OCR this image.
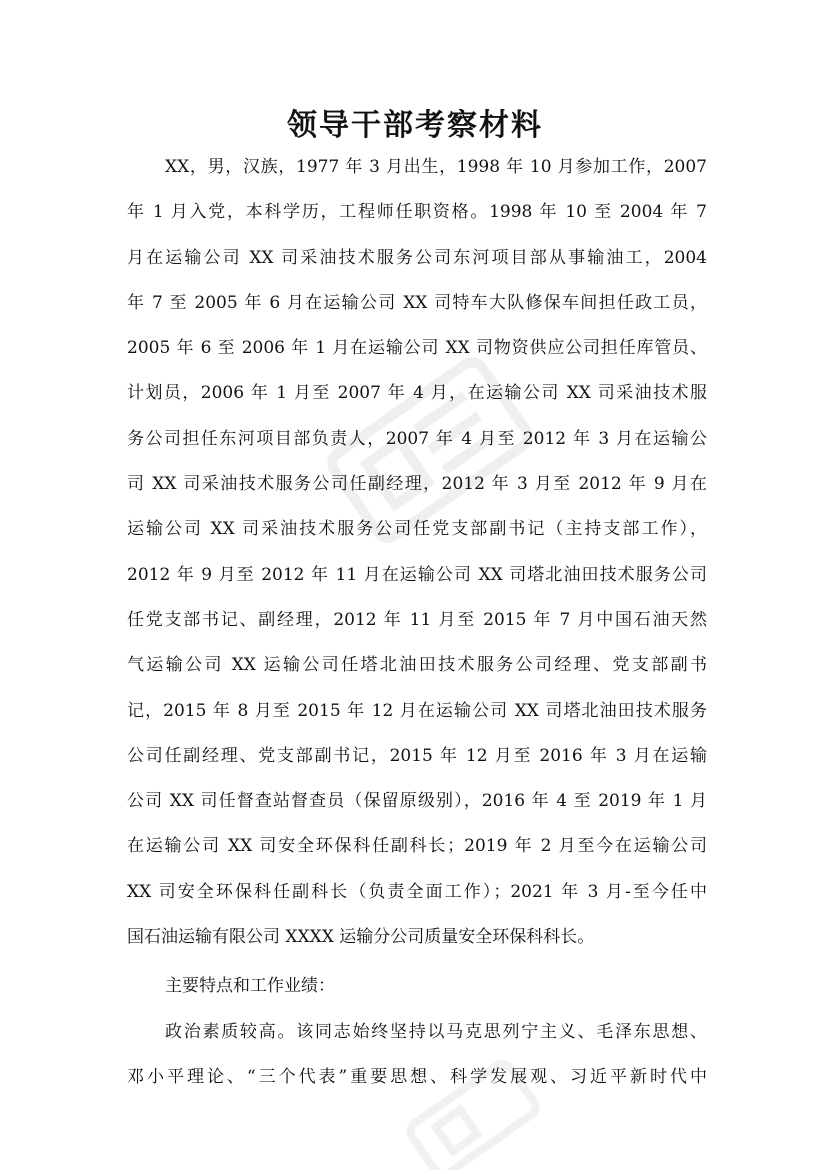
领导干部考察材料
XX，男，汉族，1977 年 3 月出生，1998 年 10 月参加工作，2007
年 1 月入党，本科学历，工程师任职资格。1998 年 10 至 2004 年 7
月在运输公司 XX 司采油技术服务公司东河项目部从事输油工，2004
年 7 至 2005 年 6 月在运输公司 XX 司特车大队修保车间担任政工员，
2005 年 6 至 2006 年 1 月在运输公司 XX 司物资供应公司担任库管员、
计划员，2006 年 1 月至 2007 年 4 月，在运输公司 XX 司采油技术服
务公司担任东河项目部负责人，2007 年 4 月至 2012 年 3 月在运输公
司 XX 司采油技术服务公司任副经理，2012 年 3 月至 2012 年 9 月在
运输公司 XX 司采油技术服务公司任党支部副书记（主持支部工作），
2012 年 9 月至 2012 年 11 月在运输公司 XX 司塔北油田技术服务公司
任党支部书记、副经理，2012 年 11 月至 2015 年 7 月中国石油天然
气运输公司 XX 运输公司任塔北油田技术服务公司经理、党支部副书
记，2015 年 8 月至 2015 年 12 月在运输公司 XX 司塔北油田技术服务
公司任副经理、党支部副书记，2015 年 12 月至 2016 年 3 月在运输
公司 XX 司任督查站督查员（保留原级别），2016 年 4 至 2019 年 1 月
在运输公司 XX 司安全环保科任副科长；2019 年 2 月至今在运输公司
XX 司安全环保科任副科长（负责全面工作）；2021 年 3 月-至今任中
国石油运输有限公司 XXXX 运输分公司质量安全环保科科长。
主要特点和工作业绩：
政治素质较高。该同志始终坚持以马克思列宁主义、毛泽东思想、
邓小平理论、“三个代表”重要思想、科学发展观、习近平新时代中
